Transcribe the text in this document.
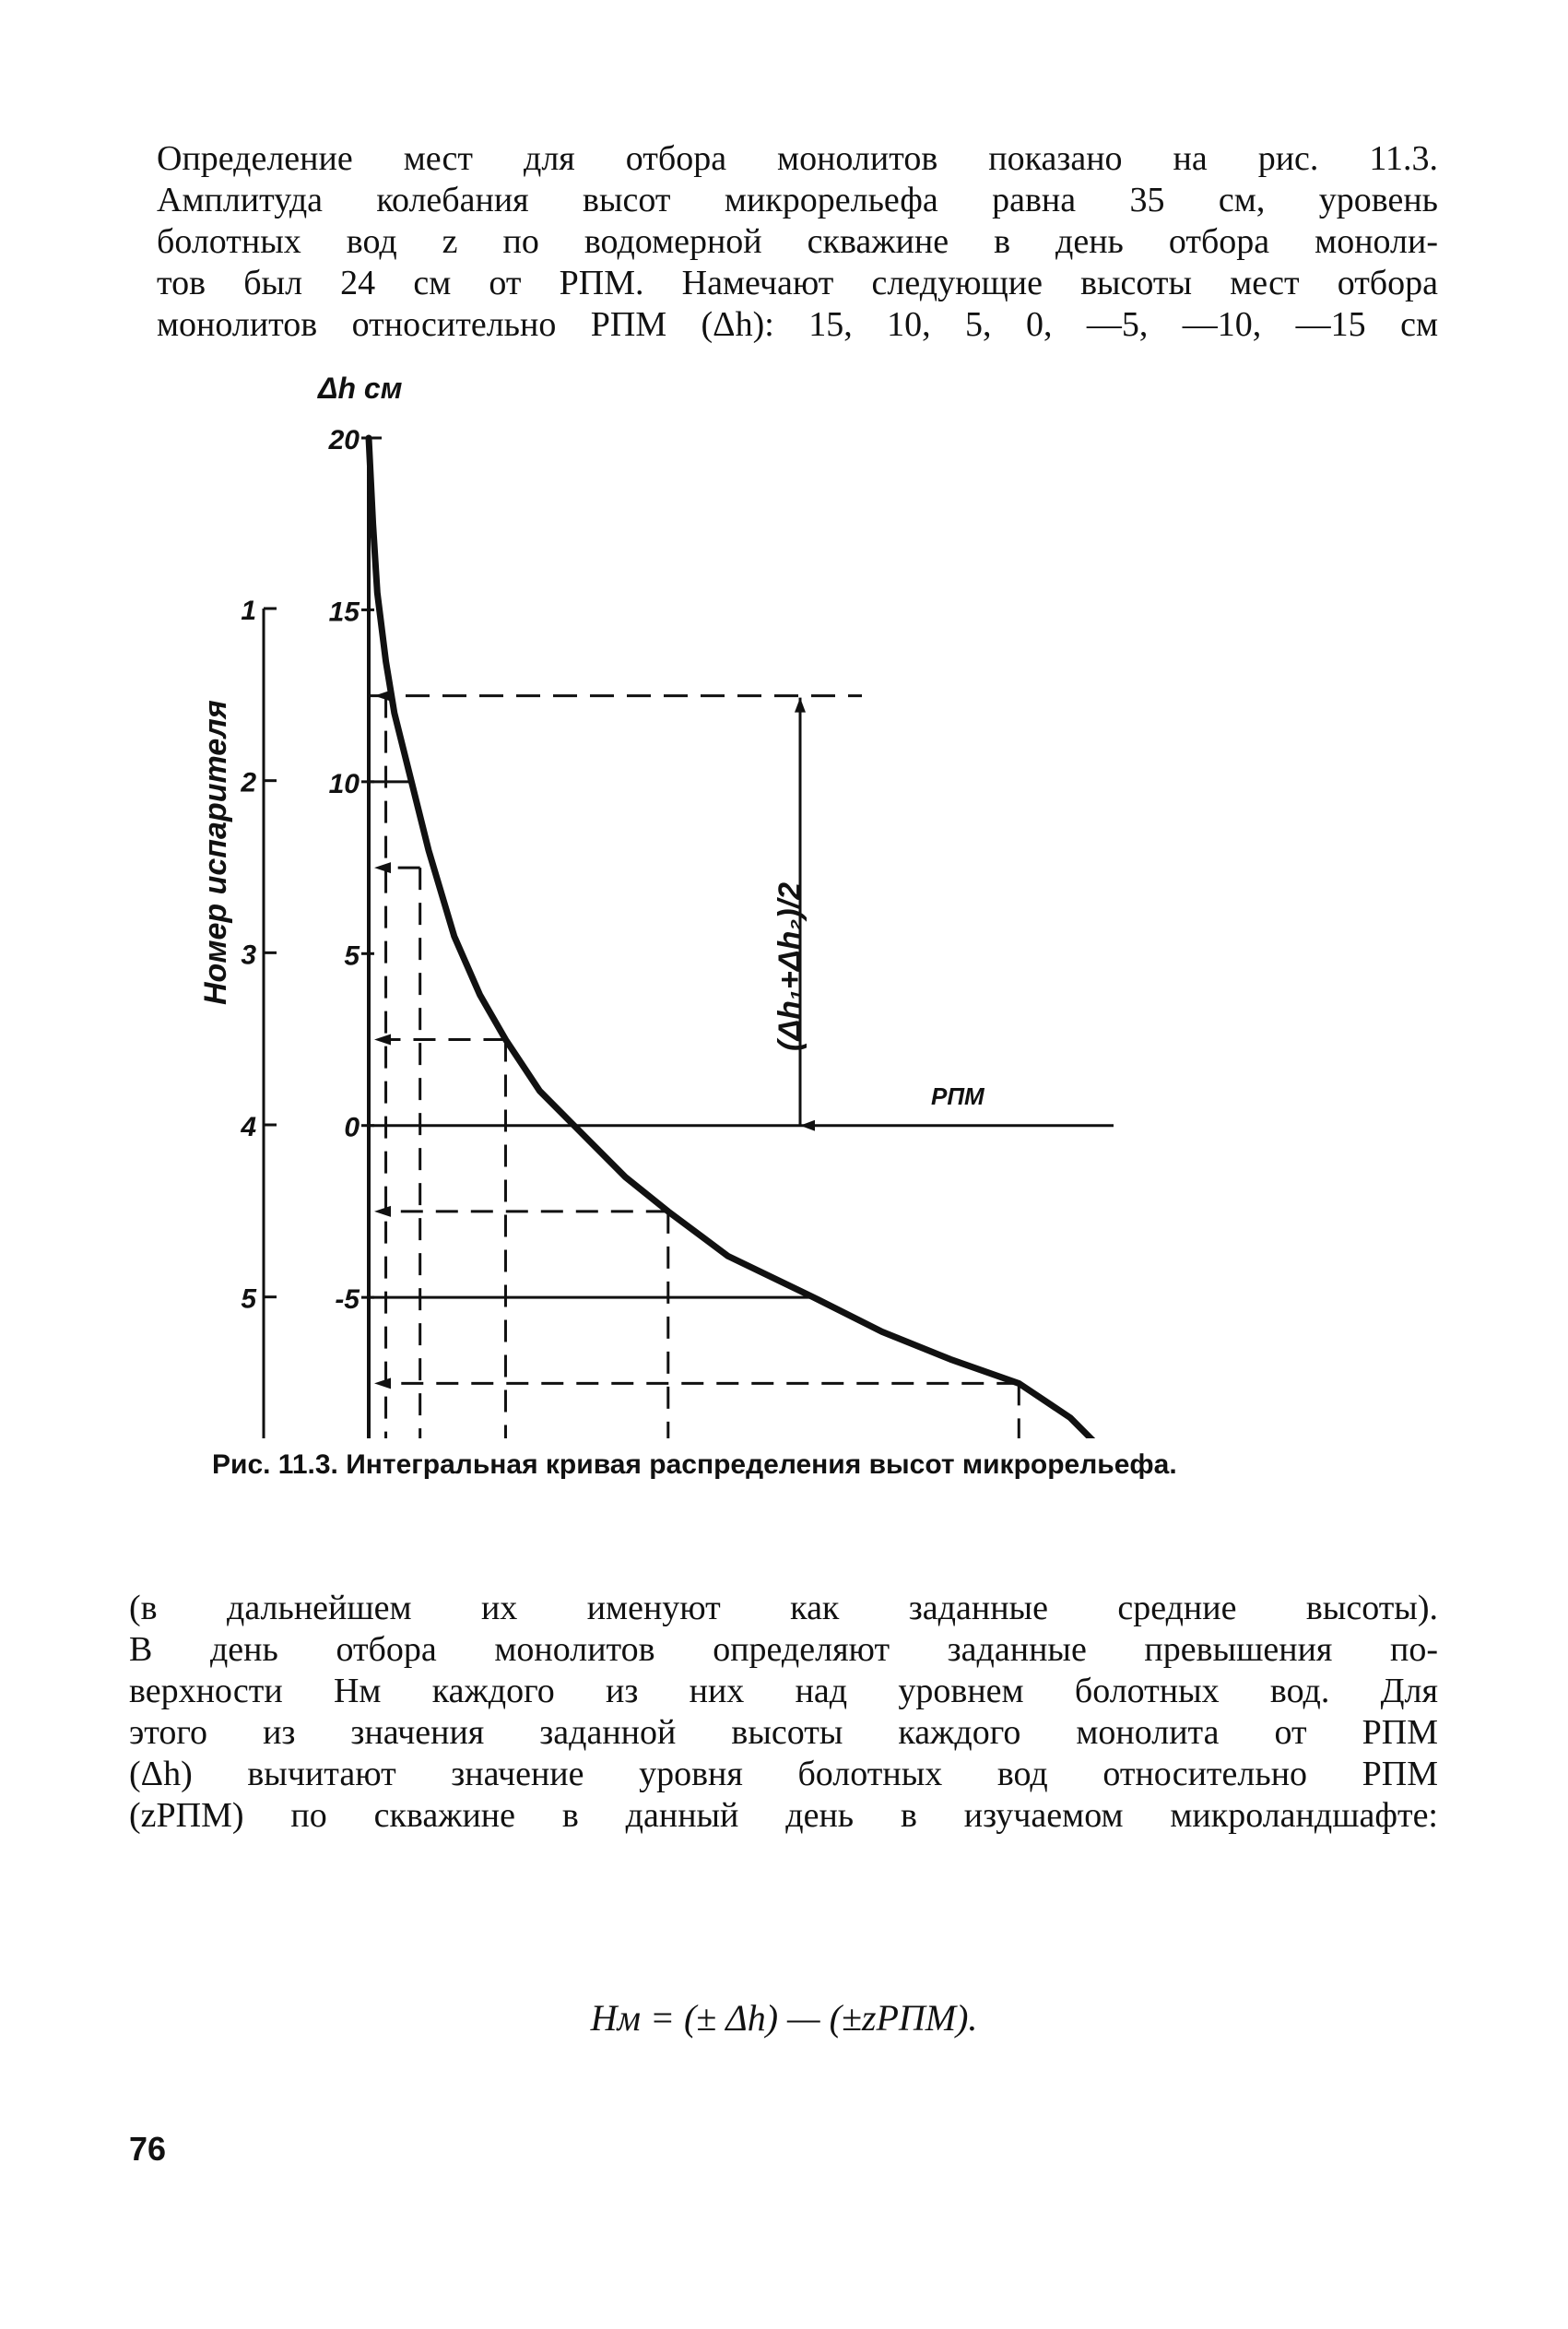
Определение мест для отбора монолитов показано на рис. 11.3.
Амплитуда колебания высот микрорельефа равна 35 см, уровень
болотных вод z по водомерной скважине в день отбора моноли-
тов был 24 см от РПМ. Намечают следующие высоты мест отбора
монолитов относительно РПМ (Δh): 15, 10, 5, 0, —5, —10, —15 см
Δh см
Номер испарителя
РПМ
(Δh₁+Δh₂)/2
1
2
3
4
5
20
15
10
5
0
-5

Рис. 11.3. Интегральная кривая распределения высот микрорельефа.

(в дальнейшем их именуют как заданные средние высоты).
В день отбора монолитов определяют заданные превышения по-
верхности Hм каждого из них над уровнем болотных вод. Для
этого из значения заданной высоты каждого монолита от РПМ
(Δh) вычитают значение уровня болотных вод относительно РПМ
(zРПМ) по скважине в данный день в изучаемом микроландшафте:

Hм = (± Δh) — (±zРПМ).

76
